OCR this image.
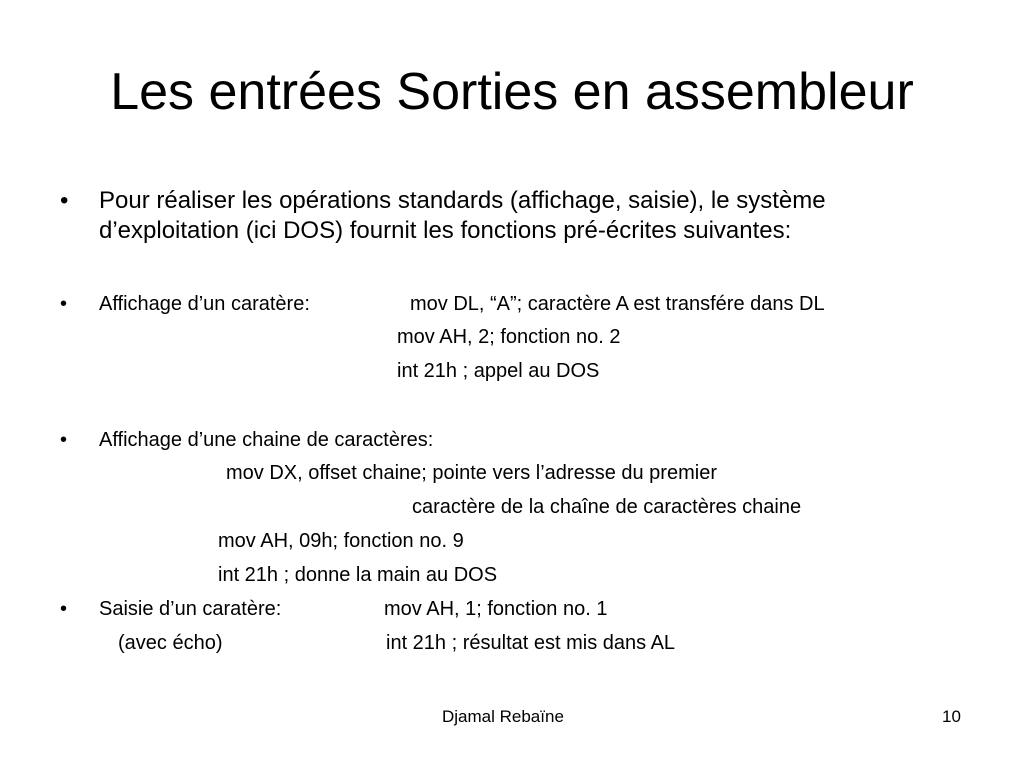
Les entrées Sorties en assembleur
• Pour réaliser les opérations standards (affichage, saisie), le système
d’exploitation (ici DOS) fournit les fonctions pré-écrites suivantes:
• Affichage d’un caratère:	mov DL, “A”; caractère A est transfére dans DL
mov AH, 2; fonction no. 2
int 21h ; appel au DOS
• Affichage d’une chaine de caractères:
mov DX, offset chaine; pointe vers l’adresse du premier
caractère de la chaîne de caractères chaine
mov AH, 09h; fonction no. 9
int 21h ; donne la main au DOS
• Saisie d’un caratère:	mov AH, 1; fonction no. 1
(avec écho)	int 21h ; résultat est mis dans AL
Djamal Rebaïne	10
